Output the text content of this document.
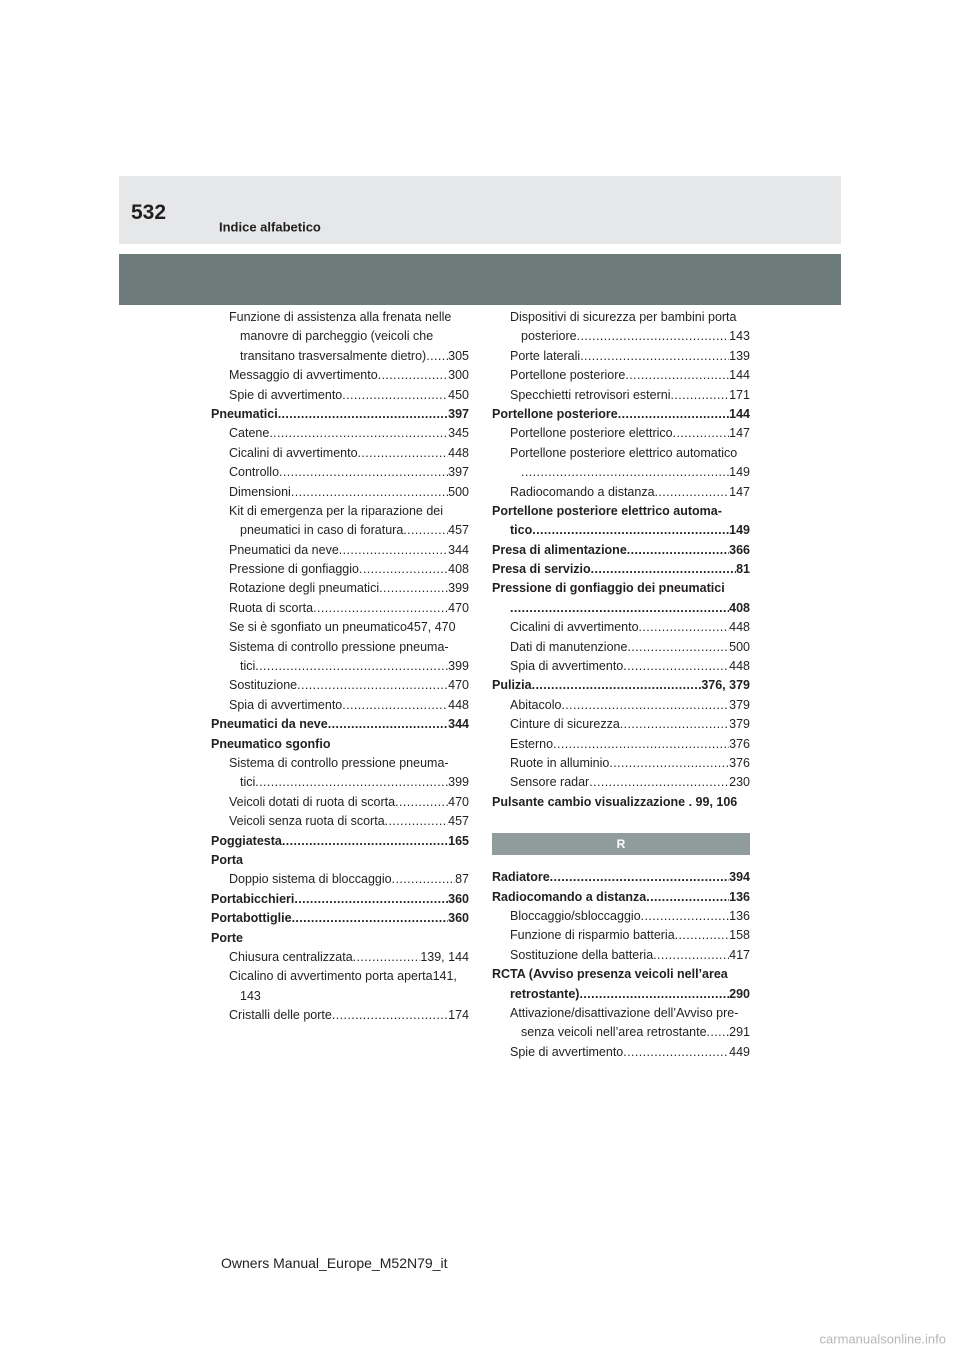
532
Indice alfabetico
Funzione di assistenza alla frenata nelle
manovre di parcheggio (veicoli che
transitano trasversalmente dietro) ..... 305
Messaggio di avvertimento .....	300
Spie di avvertimento .....	450
Pneumatici .....	397
Catene .....	345
Cicalini di avvertimento .....	448
Controllo .....	397
Dimensioni .....	500
Kit di emergenza per la riparazione dei
pneumatici in caso di foratura .....	457
Pneumatici da neve .....	344
Pressione di gonfiaggio .....	408
Rotazione degli pneumatici .....	399
Ruota di scorta .....	470
Se si è sgonfiato un pneumatico457, 470
Sistema di controllo pressione pneuma-
tici .....	399
Sostituzione .....	470
Spia di avvertimento .....	448
Pneumatici da neve .....	344
Pneumatico sgonfio
Sistema di controllo pressione pneuma-
tici .....	399
Veicoli dotati di ruota di scorta .....	470
Veicoli senza ruota di scorta .....	457
Poggiatesta .....	165
Porta
Doppio sistema di bloccaggio .....	87
Portabicchieri .....	360
Portabottiglie .....	360
Porte
Chiusura centralizzata .....	139, 144
Cicalino di avvertimento porta aperta141,
143
Cristalli delle porte .....	174
Dispositivi di sicurezza per bambini porta
posteriore .....	143
Porte laterali .....	139
Portellone posteriore .....	144
Specchietti retrovisori esterni .....	171
Portellone posteriore .....	144
Portellone posteriore elettrico .....	147
Portellone posteriore elettrico automatico
.....
149
Radiocomando a distanza .....	147
Portellone posteriore elettrico automa-
tico .....	149
Presa di alimentazione .....	366
Presa di servizio .....	81
Pressione di gonfiaggio dei pneumatici
.....
408
Cicalini di avvertimento .....	448
Dati di manutenzione .....	500
Spia di avvertimento .....	448
Pulizia .....	376, 379
Abitacolo .....	379
Cinture di sicurezza .....	379
Esterno .....	376
Ruote in alluminio .....	376
Sensore radar .....	230
Pulsante cambio visualizzazione . 99, 106
R
Radiatore .....	394
Radiocomando a distanza .....	136
Bloccaggio/sbloccaggio .....	136
Funzione di risparmio batteria .....	158
Sostituzione della batteria .....	417
RCTA (Avviso presenza veicoli nell’area
retrostante) .....	290
Attivazione/disattivazione dell’Avviso pre-
senza veicoli nell’area retrostante ..... 291
Spie di avvertimento .....	449
Owners Manual_Europe_M52N79_it
carmanualsonline.info
